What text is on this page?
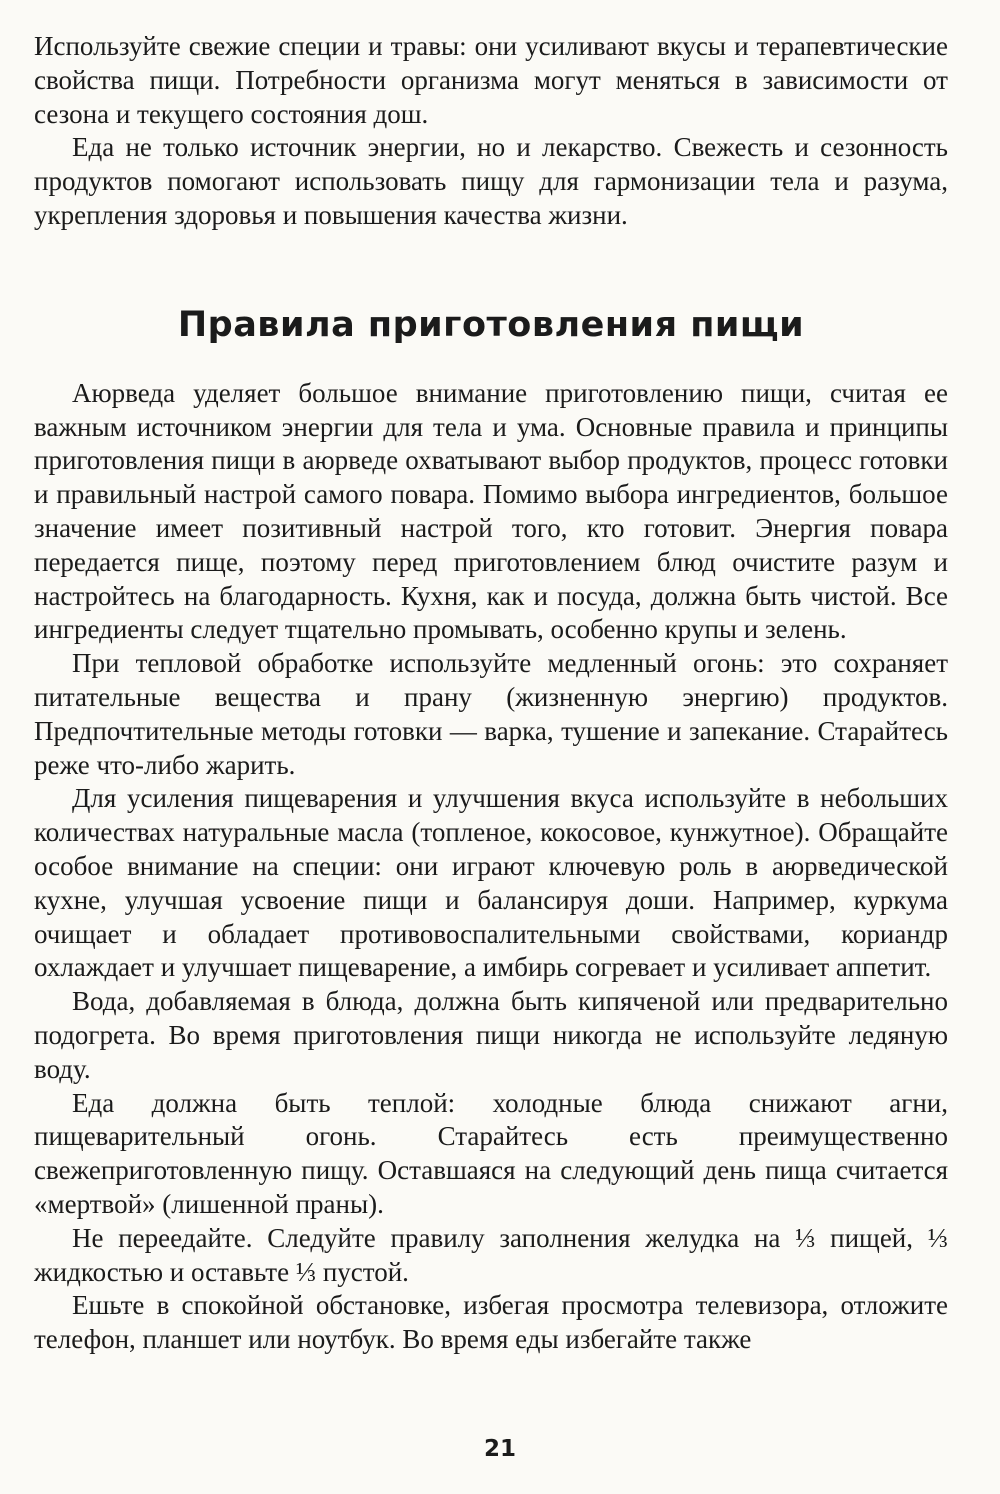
Используйте свежие специи и травы: они усиливают вкусы и терапевтические свойства пищи. Потребности организма могут меняться в зависимости от сезона и текущего состояния дош.

Еда не только источник энергии, но и лекарство. Свежесть и сезонность продуктов помогают использовать пищу для гармонизации тела и разума, укрепления здоровья и повышения качества жизни.

Правила приготовления пищи

Аюрведа уделяет большое внимание приготовлению пищи, считая ее важным источником энергии для тела и ума. Основные правила и принципы приготовления пищи в аюрведе охватывают выбор продуктов, процесс готовки и правильный настрой самого повара. Помимо выбора ингредиентов, большое значение имеет позитивный настрой того, кто готовит. Энергия повара передается пище, поэтому перед приготовлением блюд очистите разум и настройтесь на благодарность. Кухня, как и посуда, должна быть чистой. Все ингредиенты следует тщательно промывать, особенно крупы и зелень.

При тепловой обработке используйте медленный огонь: это сохраняет питательные вещества и прану (жизненную энергию) продуктов. Предпочтительные методы готовки — варка, тушение и запекание. Старайтесь реже что-либо жарить.

Для усиления пищеварения и улучшения вкуса используйте в небольших количествах натуральные масла (топленое, кокосовое, кунжутное). Обращайте особое внимание на специи: они играют ключевую роль в аюрведической кухне, улучшая усвоение пищи и балансируя доши. Например, куркума очищает и обладает противовоспалительными свойствами, кориандр охлаждает и улучшает пищеварение, а имбирь согревает и усиливает аппетит.

Вода, добавляемая в блюда, должна быть кипяченой или предварительно подогрета. Во время приготовления пищи никогда не используйте ледяную воду.

Еда должна быть теплой: холодные блюда снижают агни, пищеварительный огонь. Старайтесь есть преимущественно свежеприготовленную пищу. Оставшаяся на следующий день пища считается «мертвой» (лишенной праны).

Не переедайте. Следуйте правилу заполнения желудка на ⅓ пищей, ⅓ жидкостью и оставьте ⅓ пустой.

Ешьте в спокойной обстановке, избегая просмотра телевизора, отложите телефон, планшет или ноутбук. Во время еды избегайте также

21
